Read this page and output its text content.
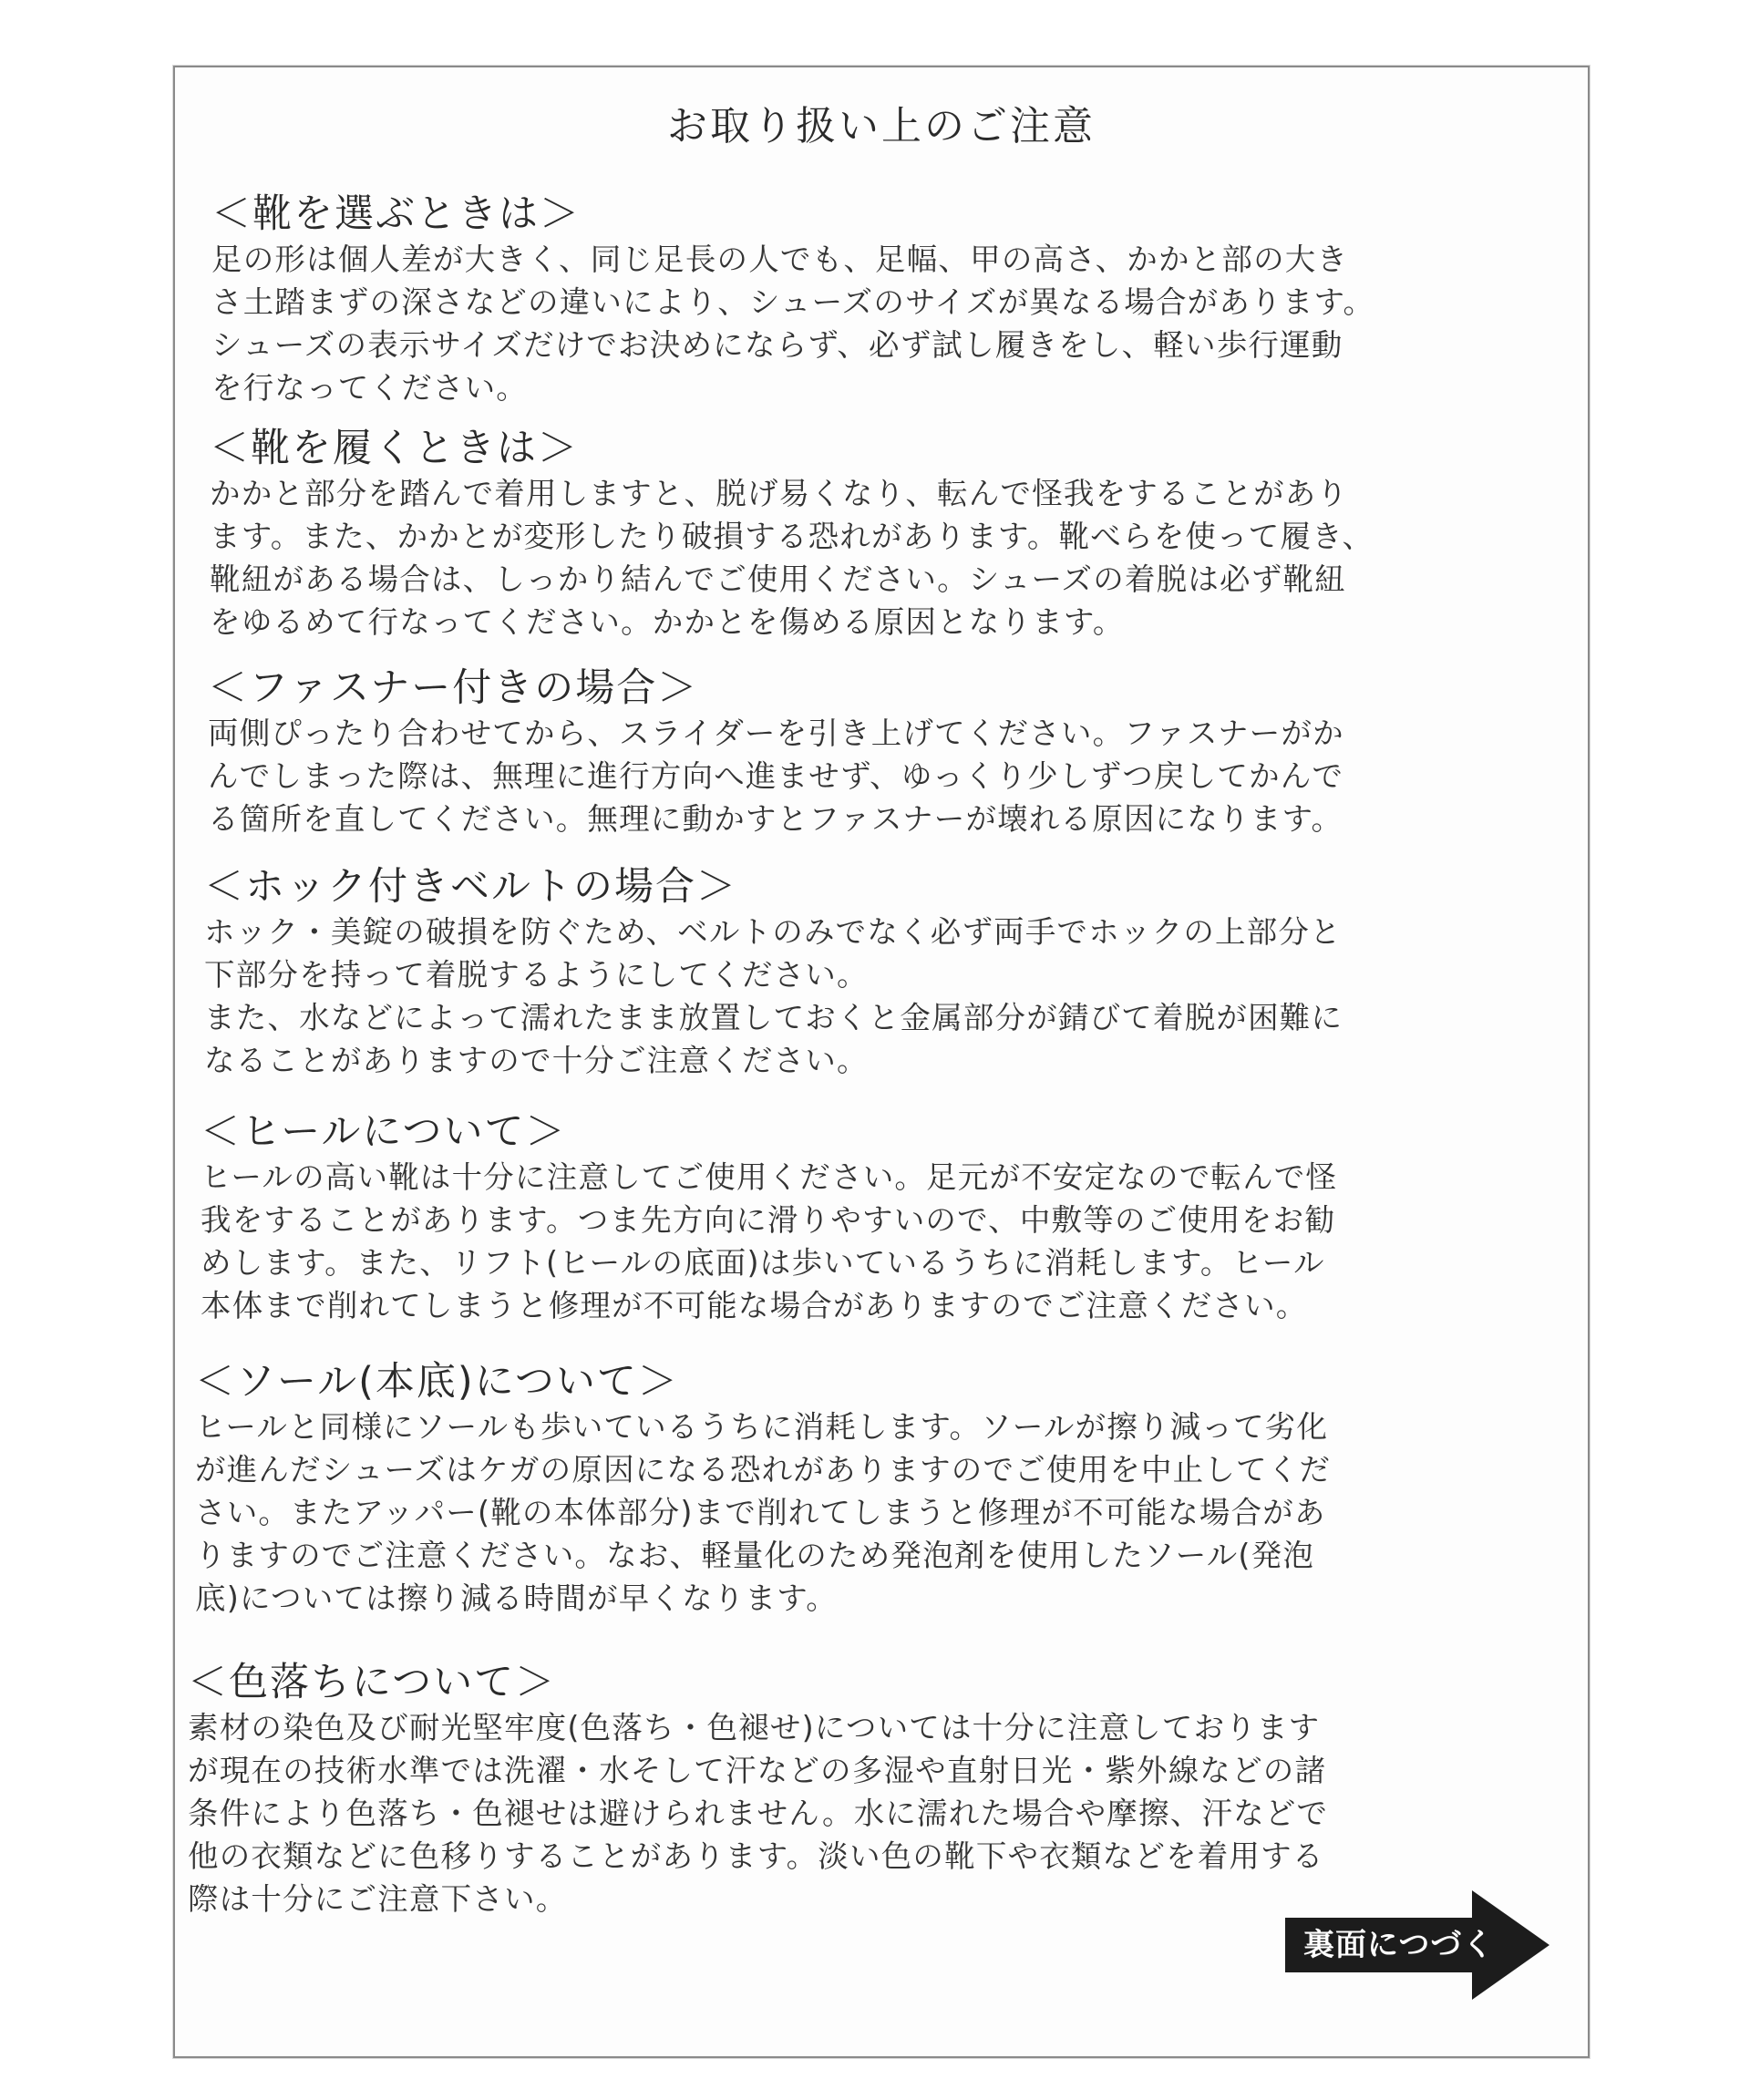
お取り扱い上のご注意
＜靴を選ぶときは＞

足の形は個人差が大きく、同じ足長の人でも、足幅、甲の高さ、かかと部の大き
さ土踏まずの深さなどの違いにより、シューズのサイズが異なる場合があります。
シューズの表示サイズだけでお決めにならず、必ず試し履きをし、軽い歩行運動
を行なってください。

＜靴を履くときは＞

かかと部分を踏んで着用しますと、脱げ易くなり、転んで怪我をすることがあり
ます。また、かかとが変形したり破損する恐れがあります。靴べらを使って履き、
靴紐がある場合は、しっかり結んでご使用ください。シューズの着脱は必ず靴紐
をゆるめて行なってください。かかとを傷める原因となります。

＜ファスナー付きの場合＞

両側ぴったり合わせてから、スライダーを引き上げてください。ファスナーがか
んでしまった際は、無理に進行方向へ進ませず、ゆっくり少しずつ戻してかんで
る箇所を直してください。無理に動かすとファスナーが壊れる原因になります。

＜ホック付きベルトの場合＞

ホック・美錠の破損を防ぐため、ベルトのみでなく必ず両手でホックの上部分と
下部分を持って着脱するようにしてください。
また、水などによって濡れたまま放置しておくと金属部分が錆びて着脱が困難に
なることがありますので十分ご注意ください。

＜ヒールについて＞

ヒールの高い靴は十分に注意してご使用ください。足元が不安定なので転んで怪
我をすることがあります。つま先方向に滑りやすいので、中敷等のご使用をお勧
めします。また、リフト(ヒールの底面)は歩いているうちに消耗します。ヒール
本体まで削れてしまうと修理が不可能な場合がありますのでご注意ください。

＜ソール(本底)について＞

ヒールと同様にソールも歩いているうちに消耗します。ソールが擦り減って劣化
が進んだシューズはケガの原因になる恐れがありますのでご使用を中止してくだ
さい。またアッパー(靴の本体部分)まで削れてしまうと修理が不可能な場合があ
りますのでご注意ください。なお、軽量化のため発泡剤を使用したソール(発泡
底)については擦り減る時間が早くなります。

＜色落ちについて＞

素材の染色及び耐光堅牢度(色落ち・色褪せ)については十分に注意しております
が現在の技術水準では洗濯・水そして汗などの多湿や直射日光・紫外線などの諸
条件により色落ち・色褪せは避けられません。水に濡れた場合や摩擦、汗などで
他の衣類などに色移りすることがあります。淡い色の靴下や衣類などを着用する
際は十分にご注意下さい。

裏面につづく
